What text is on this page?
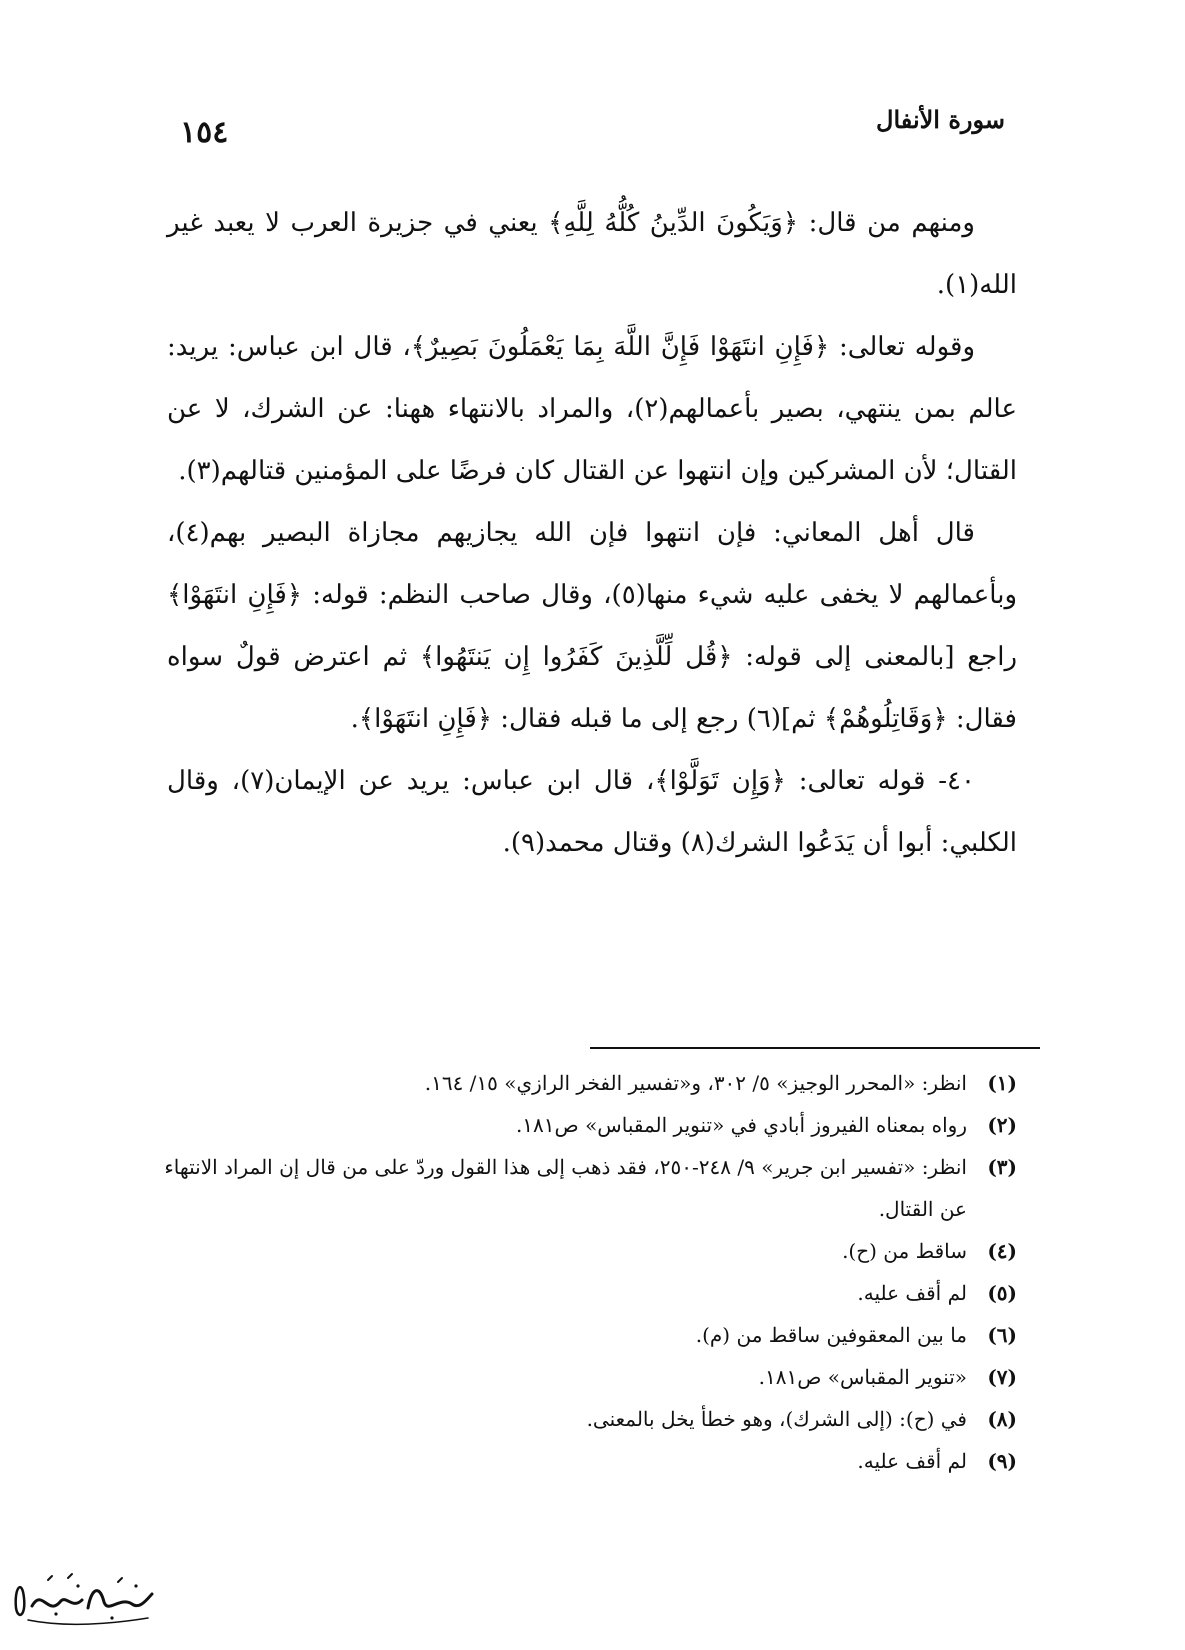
سورة الأنفال
١٥٤

ومنهم من قال: ﴿وَيَكُونَ الدِّينُ كُلُّهُ لِلَّهِ﴾ يعني في جزيرة العرب لا يعبد غير الله(١).

وقوله تعالى: ﴿فَإِنِ انتَهَوْا فَإِنَّ اللَّهَ بِمَا يَعْمَلُونَ بَصِيرٌ﴾، قال ابن عباس: يريد: عالم بمن ينتهي، بصير بأعمالهم(٢)، والمراد بالانتهاء ههنا: عن الشرك، لا عن القتال؛ لأن المشركين وإن انتهوا عن القتال كان فرضًا على المؤمنين قتالهم(٣).

قال أهل المعاني: فإن انتهوا فإن الله يجازيهم مجازاة البصير بهم(٤)، وبأعمالهم لا يخفى عليه شيء منها(٥)، وقال صاحب النظم: قوله: ﴿فَإِنِ انتَهَوْا﴾ راجع [بالمعنى إلى قوله: ﴿قُل لِّلَّذِينَ كَفَرُوا إِن يَنتَهُوا﴾ ثم اعترض قولٌ سواه فقال: ﴿وَقَاتِلُوهُمْ﴾ ثم](٦) رجع إلى ما قبله فقال: ﴿فَإِنِ انتَهَوْا﴾.

٤٠- قوله تعالى: ﴿وَإِن تَوَلَّوْا﴾، قال ابن عباس: يريد عن الإيمان(٧)، وقال الكلبي: أبوا أن يَدَعُوا الشرك(٨) وقتال محمد(٩).

(١)
انظر: «المحرر الوجيز» ٥/ ٣٠٢، و«تفسير الفخر الرازي» ١٥/ ١٦٤.
(٢)
رواه بمعناه الفيروز أبادي في «تنوير المقباس» ص١٨١.
(٣)
انظر: «تفسير ابن جرير» ٩/ ٢٤٨-٢٥٠، فقد ذهب إلى هذا القول وردّ على من قال إن المراد الانتهاء عن القتال.
(٤)
ساقط من (ح).
(٥)
لم أقف عليه.
(٦)
ما بين المعقوفين ساقط من (م).
(٧)
«تنوير المقباس» ص١٨١.
(٨)
في (ح): (إلى الشرك)، وهو خطأ يخل بالمعنى.
(٩)
لم أقف عليه.
